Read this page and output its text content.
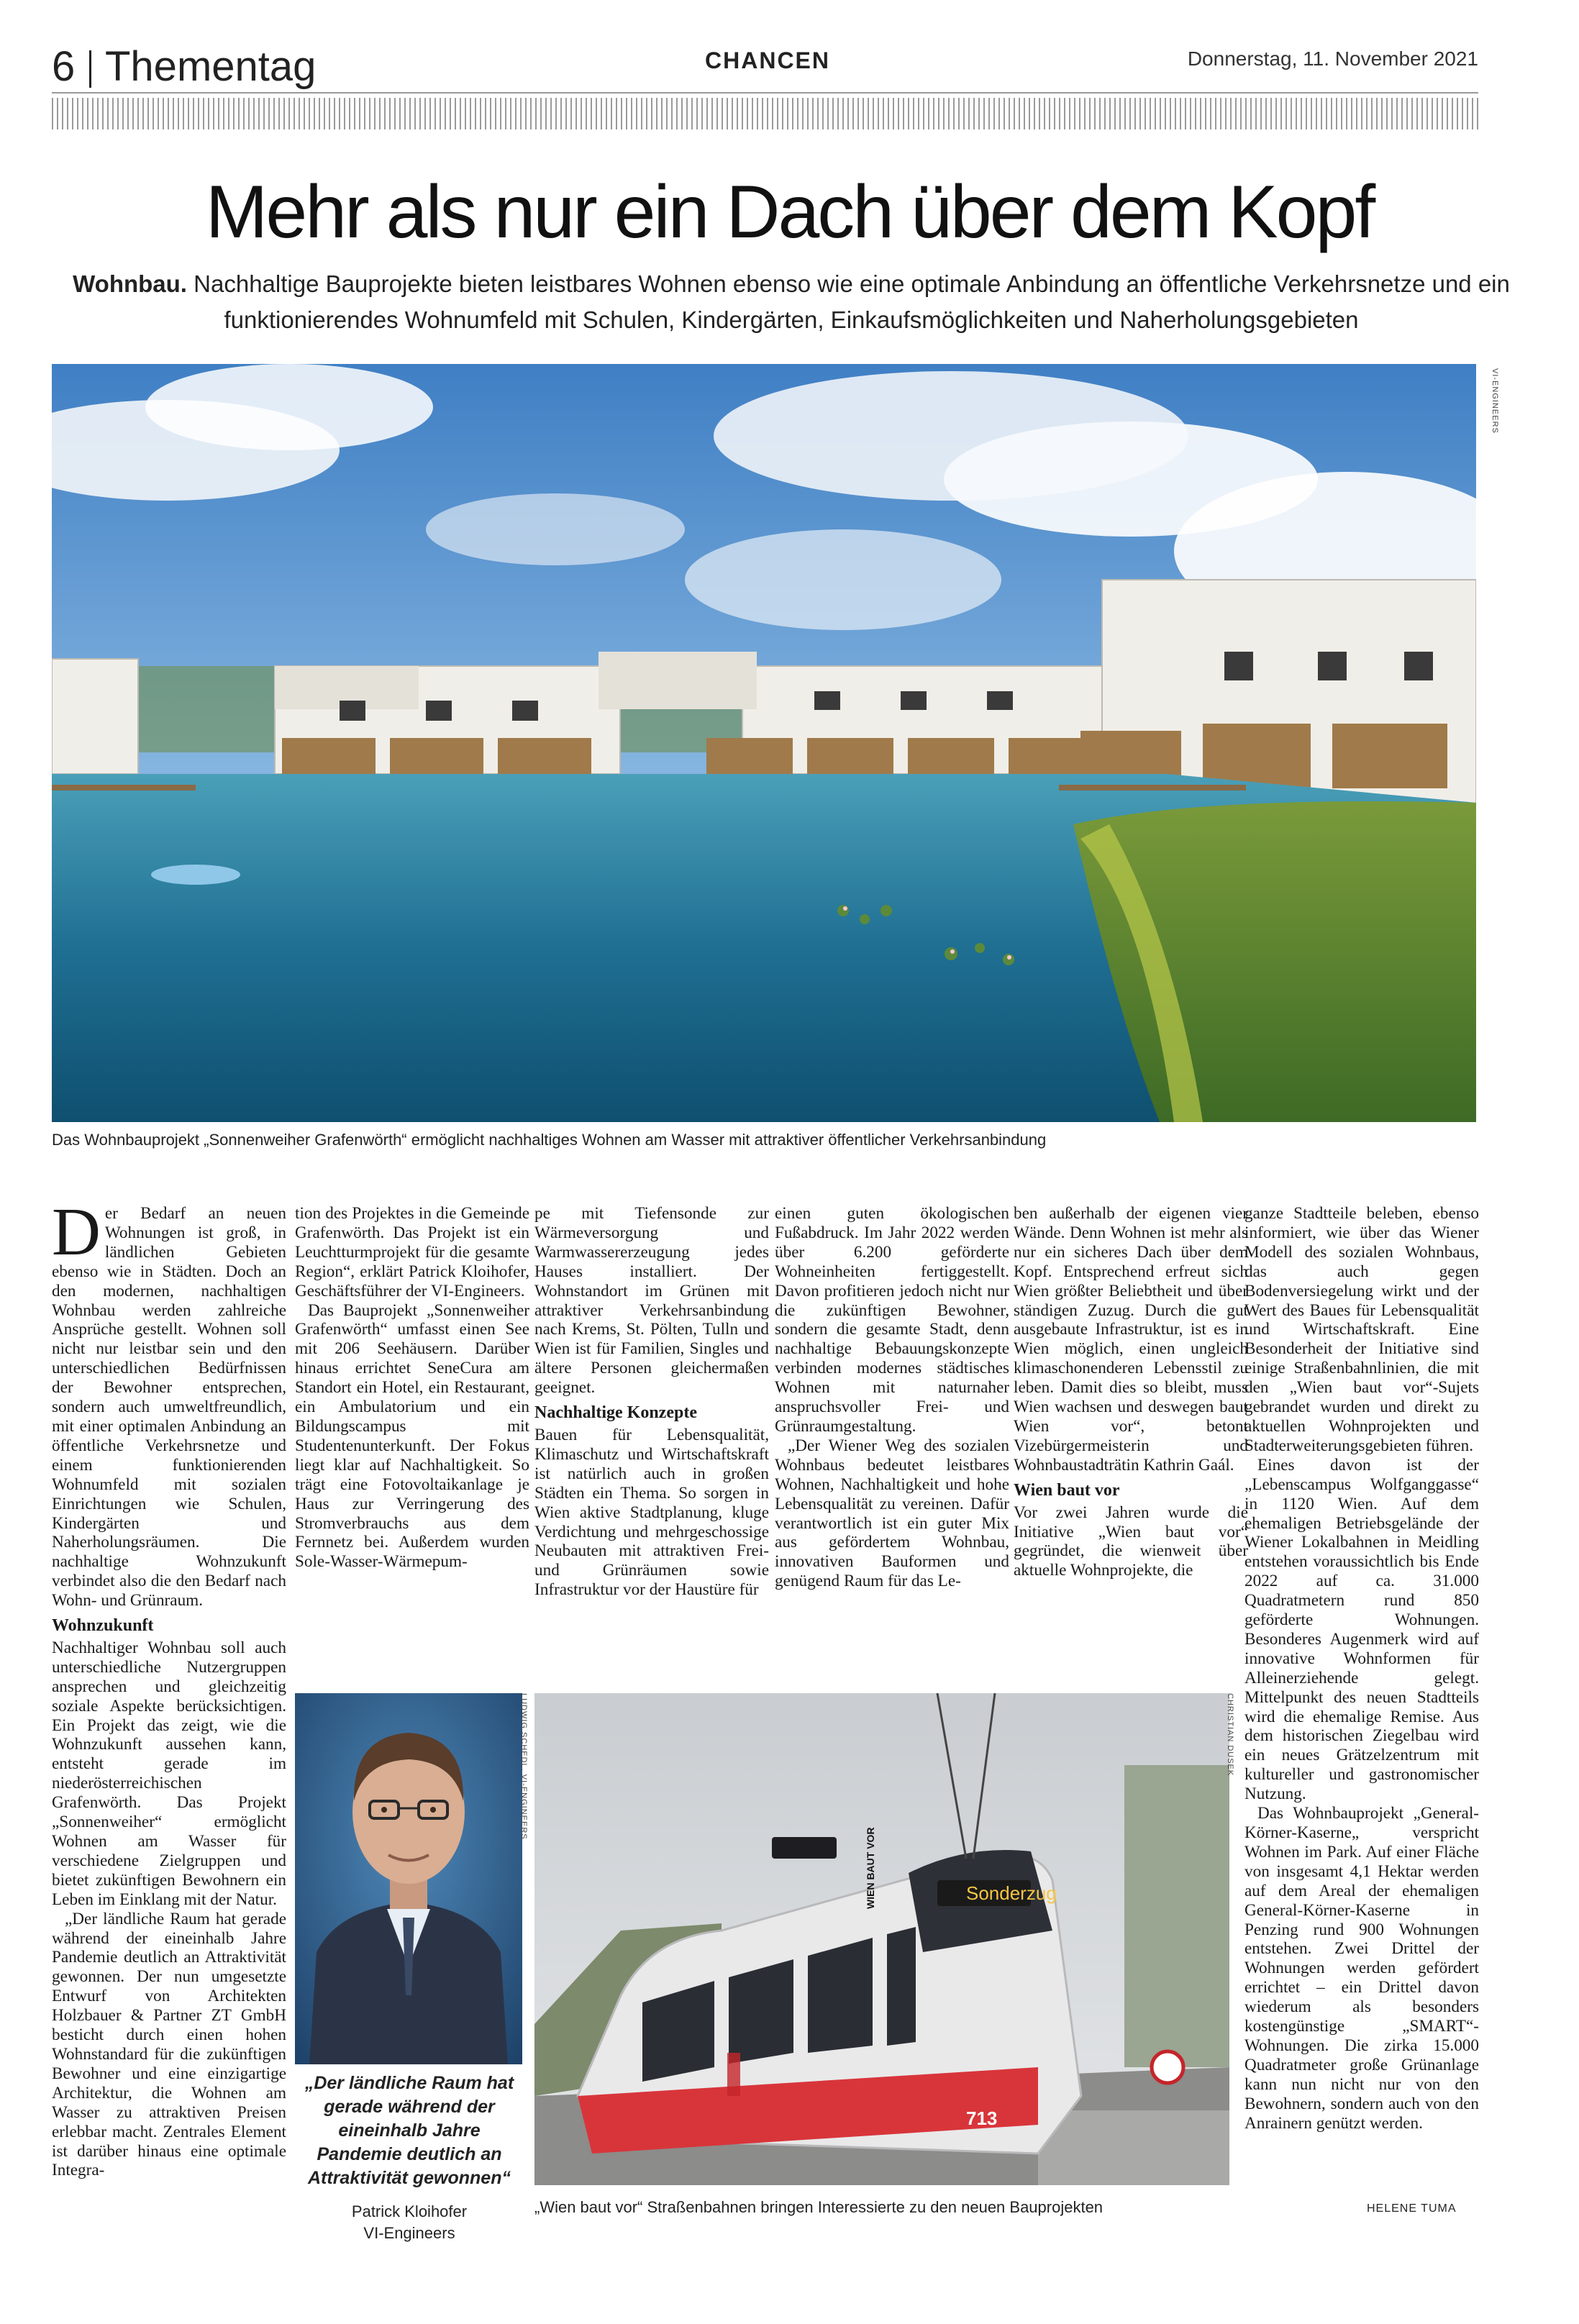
6 Thementag	CHANCEN	Donnerstag, 11. November 2021
Mehr als nur ein Dach über dem Kopf
Wohnbau. Nachhaltige Bauprojekte bieten leistbares Wohnen ebenso wie eine optimale Anbindung an öffentliche Verkehrsnetze und ein funktionierendes Wohnumfeld mit Schulen, Kindergärten, Einkaufsmöglichkeiten und Naherholungsgebieten
VI-ENGINEERS
Das Wohnbauprojekt „Sonnenweiher Grafenwörth“ ermöglicht nachhaltiges Wohnen am Wasser mit attraktiver öffentlicher Verkehrsanbindung

Der Bedarf an neuen Wohnungen ist groß, in ländlichen Gebieten ebenso wie in Städten. Doch an den modernen, nachhaltigen Wohnbau werden zahlreiche Ansprüche gestellt. Wohnen soll nicht nur leistbar sein und den unterschiedlichen Bedürfnissen der Bewohner entsprechen, sondern auch umweltfreundlich, mit einer optimalen Anbindung an öffentliche Verkehrsnetze und einem funktionierenden Wohnumfeld mit sozialen Einrichtungen wie Schulen, Kindergärten und Naherholungsräumen. Die nachhaltige Wohnzukunft verbindet also die den Bedarf nach Wohn- und Grünraum.

Wohnzukunft

Nachhaltiger Wohnbau soll auch unterschiedliche Nutzergruppen ansprechen und gleichzeitig soziale Aspekte berücksichtigen. Ein Projekt das zeigt, wie die Wohnzukunft aussehen kann, entsteht gerade im niederösterreichischen Grafenwörth. Das Projekt „Sonnenweiher“ ermöglicht Wohnen am Wasser für verschiedene Zielgruppen und bietet zukünftigen Bewohnern ein Leben im Einklang mit der Natur.

„Der ländliche Raum hat gerade während der eineinhalb Jahre Pandemie deutlich an Attraktivität gewonnen. Der nun umgesetzte Entwurf von Architekten Holzbauer & Partner ZT GmbH besticht durch einen hohen Wohnstandard für die zukünftigen Bewohner und eine einzigartige Architektur, die Wohnen am Wasser zu attraktiven Preisen erlebbar macht. Zentrales Element ist darüber hinaus eine optimale Integra-

tion des Projektes in die Gemeinde Grafenwörth. Das Projekt ist ein Leuchtturmprojekt für die gesamte Region“, erklärt Patrick Kloihofer, Geschäftsführer der VI-Engineers.

Das Bauprojekt „Sonnenweiher Grafenwörth“ umfasst einen See mit 206 Seehäusern. Darüber hinaus errichtet SeneCura am Standort ein Hotel, ein Restaurant, ein Ambulatorium und ein Bildungscampus mit Studentenunterkunft. Der Fokus liegt klar auf Nachhaltigkeit. So trägt eine Fotovoltaikanlage je Haus zur Verringerung des Stromverbrauchs aus dem Fernnetz bei. Außerdem wurden Sole-Wasser-Wärmepum-

pe mit Tiefensonde zur Wärmeversorgung und Warmwassererzeugung jedes Hauses installiert. Der Wohnstandort im Grünen mit attraktiver Verkehrsanbindung nach Krems, St. Pölten, Tulln und Wien ist für Familien, Singles und ältere Personen gleichermaßen geeignet.

Nachhaltige Konzepte

Bauen für Lebensqualität, Klimaschutz und Wirtschaftskraft ist natürlich auch in großen Städten ein Thema. So sorgen in Wien aktive Stadtplanung, kluge Verdichtung und mehrgeschossige Neubauten mit attraktiven Frei- und Grünräumen sowie Infrastruktur vor der Haustüre für

einen guten ökologischen Fußabdruck. Im Jahr 2022 werden über 6.200 geförderte Wohneinheiten fertiggestellt. Davon profitieren jedoch nicht nur die zukünftigen Bewohner, sondern die gesamte Stadt, denn nachhaltige Bebauungskonzepte verbinden modernes städtisches Wohnen mit naturnaher anspruchsvoller Frei- und Grünraumgestaltung.

„Der Wiener Weg des sozialen Wohnbaus bedeutet leistbares Wohnen, Nachhaltigkeit und hohe Lebensqualität zu vereinen. Dafür verantwortlich ist ein guter Mix aus gefördertem Wohnbau, innovativen Bauformen und genügend Raum für das Le-

ben außerhalb der eigenen vier Wände. Denn Wohnen ist mehr als nur ein sicheres Dach über dem Kopf. Entsprechend erfreut sich Wien größter Beliebtheit und über ständigen Zuzug. Durch die gut ausgebaute Infrastruktur, ist es in Wien möglich, einen ungleich klimaschonenderen Lebensstil zu leben. Damit dies so bleibt, muss Wien wachsen und deswegen baut Wien vor“, betont Vizebürgermeisterin und Wohnbaustadträtin Kathrin Gaál.

Wien baut vor

Vor zwei Jahren wurde die Initiative „Wien baut vor“ gegründet, die wienweit über aktuelle Wohnprojekte, die

ganze Stadtteile beleben, ebenso informiert, wie über das Wiener Modell des sozialen Wohnbaus, das auch gegen Bodenversiegelung wirkt und der Wert des Baues für Lebensqualität und Wirtschaftskraft. Eine Besonderheit der Initiative sind einige Straßenbahnlinien, die mit den „Wien baut vor“-Sujets gebrandet wurden und direkt zu aktuellen Wohnprojekten und Stadterweiterungsgebieten führen.

Eines davon ist der „Lebenscampus Wolfganggasse“ in 1120 Wien. Auf dem ehemaligen Betriebsgelände der Wiener Lokalbahnen in Meidling entstehen voraussichtlich bis Ende 2022 auf ca. 31.000 Quadratmetern rund 850 geförderte Wohnungen. Besonderes Augenmerk wird auf innovative Wohnformen für Alleinerziehende gelegt. Mittelpunkt des neuen Stadtteils wird die ehemalige Remise. Aus dem historischen Ziegelbau wird ein neues Grätzelzentrum mit kultureller und gastronomischer Nutzung.

Das Wohnbauprojekt „General-Körner-Kaserne„ verspricht Wohnen im Park. Auf einer Fläche von insgesamt 4,1 Hektar werden auf dem Areal der ehemaligen General-Körner-Kaserne in Penzing rund 900 Wohnungen entstehen. Zwei Drittel der Wohnungen werden gefördert errichtet – ein Drittel davon wiederum als besonders kostengünstige „SMART“-Wohnungen. Die zirka 15.000 Quadratmeter große Grünanlage kann nun nicht nur von den Bewohnern, sondern auch von den Anrainern genützt werden.

LUDWIG SCHEDL, VI-ENGINEERS
„Der ländliche Raum hat gerade während der eineinhalb Jahre Pandemie deutlich an Attraktivität gewonnen“
Patrick Kloihofer
VI-Engineers
Sonderzug
713
WIEN BAUT VOR
CHRISTIAN DUSEK
„Wien baut vor“ Straßenbahnen bringen Interessierte zu den neuen Bauprojekten	HELENE TUMA
